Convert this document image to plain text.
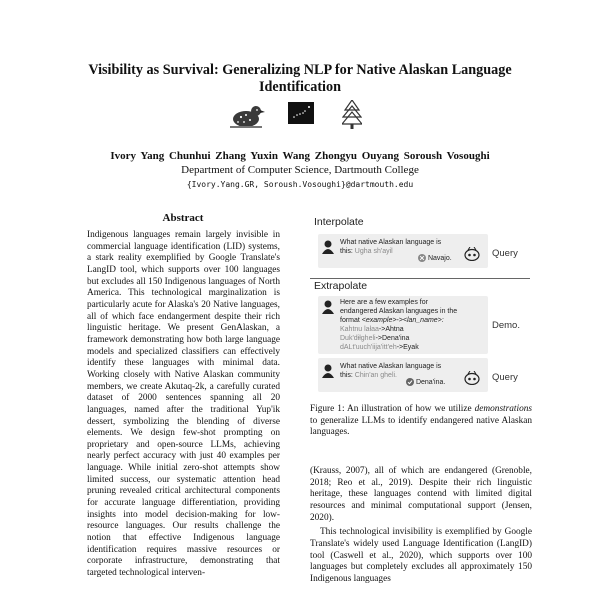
Visibility as Survival: Generalizing NLP for Native Alaskan Language Identification
Ivory Yang Chunhui Zhang Yuxin Wang Zhongyu Ouyang Soroush Vosoughi
Department of Computer Science, Dartmouth College
{Ivory.Yang.GR, Soroush.Vosoughi}@dartmouth.edu
Abstract
Indigenous languages remain largely invisible in commercial language identification (LID) systems, a stark reality exemplified by Google Translate's LangID tool, which supports over 100 languages but excludes all 150 Indigenous languages of North America. This technological marginalization is particularly acute for Alaska's 20 Native languages, all of which face endangerment despite their rich linguistic heritage. We present GenAlaskan, a framework demonstrating how both large language models and specialized classifiers can effectively identify these languages with minimal data. Working closely with Native Alaskan community members, we create Akutaq-2k, a carefully curated dataset of 2000 sentences spanning all 20 languages, named after the traditional Yup'ik dessert, symbolizing the blending of diverse elements. We design few-shot prompting on proprietary and open-source LLMs, achieving nearly perfect accuracy with just 40 examples per language. While initial zero-shot attempts show limited success, our systematic attention head pruning revealed critical architectural components for accurate language differentiation, providing insights into model decision-making for low-resource languages. Our results challenge the notion that effective Indigenous language identification requires massive resources or corporate infrastructure, demonstrating that targeted technological interven-
Interpolate
What native Alaskan language is
this: Ugha sh'ayil
Navajo.	Query
Extrapolate
Here are a few examples for
endangered Alaskan languages in the
format <example>-><lan_name>:
Kahtnu lałaa->Ahtna
Duk'dɨłgheli->Dena'ina
dALt'uuch'iija'itt'eh->Eyak
Demo.
What native Alaskan language is
this: Chin'an gheli.
Dena'ina.	Query
Figure 1: An illustration of how we utilize demonstrations to generalize LLMs to identify endangered native Alaskan languages.

(Krauss, 2007), all of which are endangered (Grenoble, 2018; Reo et al., 2019). Despite their rich linguistic heritage, these languages contend with limited digital resources and minimal computational support (Jensen, 2020).

This technological invisibility is exemplified by Google Translate's widely used Language Identification (LangID) tool (Caswell et al., 2020), which supports over 100 languages but completely excludes all approximately 150 Indigenous languages
